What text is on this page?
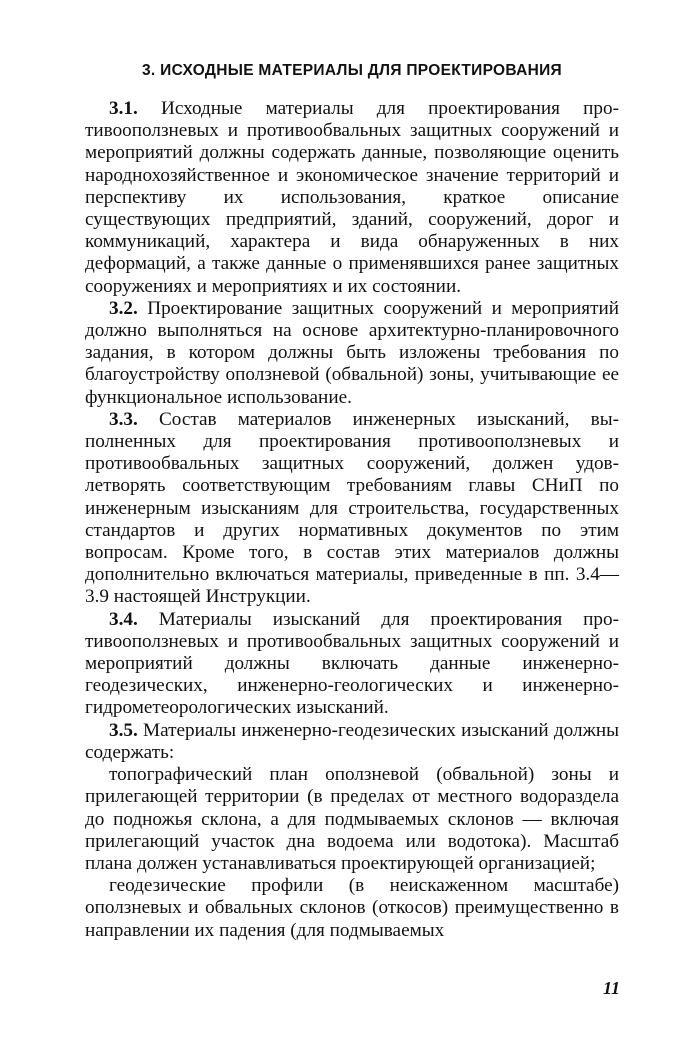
3. ИСХОДНЫЕ МАТЕРИАЛЫ ДЛЯ ПРОЕКТИРОВАНИЯ

3.1. Исходные материалы для проектирования противооползневых и противообвальных защитных сооружений и мероприятий должны содержать данные, позволяющие оценить народнохозяйственное и экономическое значение территорий и перспективу их использования, краткое описание существующих предприятий, зданий, сооружений, дорог и коммуникаций, характера и вида обнаруженных в них деформаций, а также данные о применявшихся ранее защитных сооружениях и мероприятиях и их состоянии.

3.2. Проектирование защитных сооружений и мероприятий должно выполняться на основе архитектурно-планировочного задания, в котором должны быть изложены требования по благоустройству оползневой (обвальной) зоны, учитывающие ее функциональное использование.

3.3. Состав материалов инженерных изысканий, выполненных для проектирования противооползневых и противообвальных защитных сооружений, должен удовлетворять соответствующим требованиям главы СНиП по инженерным изысканиям для строительства, государственных стандартов и других нормативных документов по этим вопросам. Кроме того, в состав этих материалов должны дополнительно включаться материалы, приведенные в пп. 3.4—3.9 настоящей Инструкции.

3.4. Материалы изысканий для проектирования противооползневых и противообвальных защитных сооружений и мероприятий должны включать данные инженерно-геодезических, инженерно-геологических и инженерно-гидрометеорологических изысканий.

3.5. Материалы инженерно-геодезических изысканий должны содержать:

топографический план оползневой (обвальной) зоны и прилегающей территории (в пределах от местного водораздела до подножья склона, а для подмываемых склонов — включая прилегающий участок дна водоема или водотока). Масштаб плана должен устанавливаться проектирующей организацией;

геодезические профили (в неискаженном масштабе) оползневых и обвальных склонов (откосов) преимущественно в направлении их падения (для подмываемых

11
